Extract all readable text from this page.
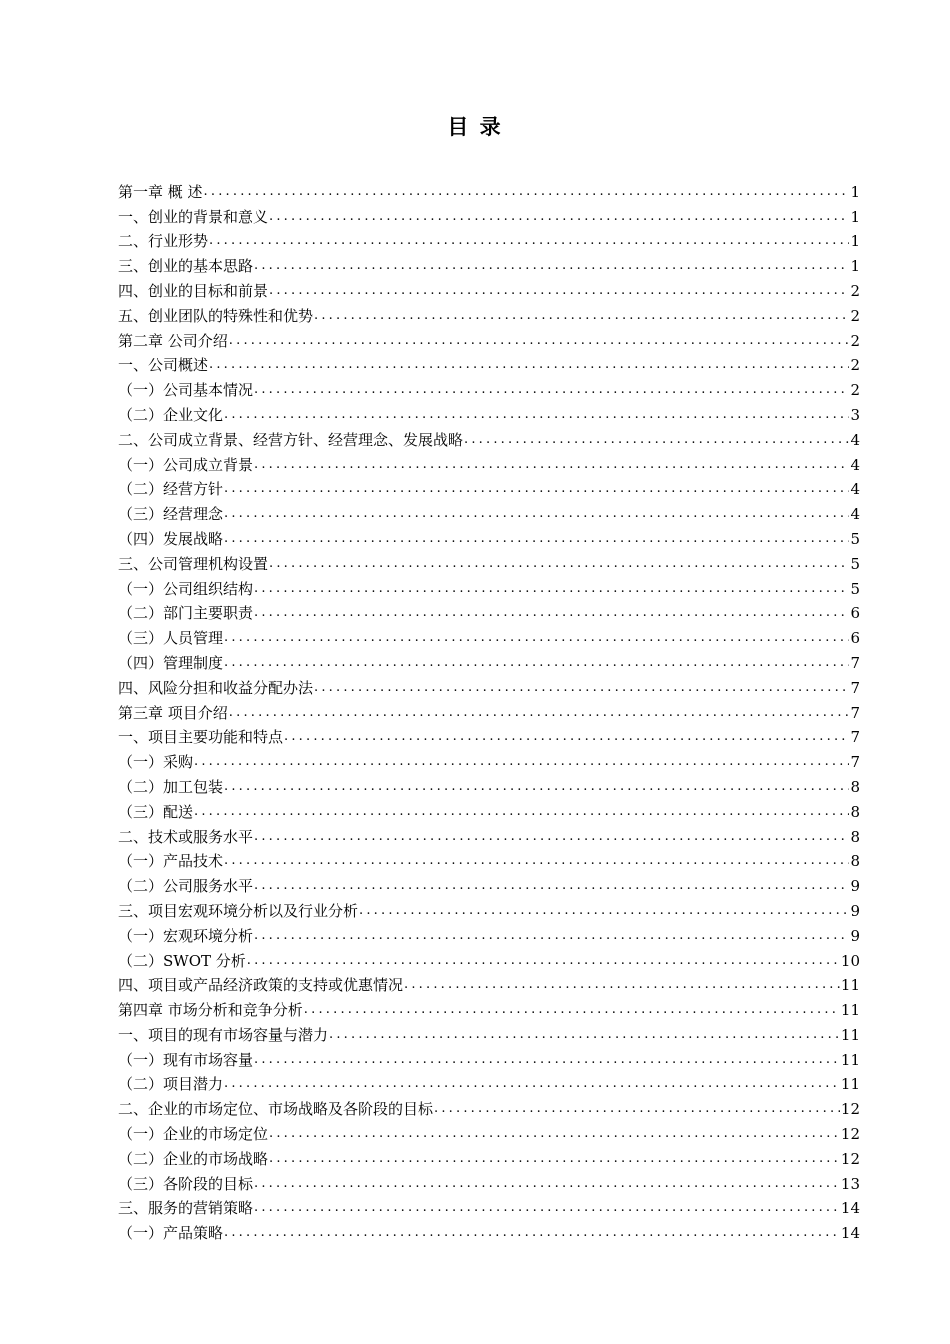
目 录
第一章 概 述 .....	1
一、创业的背景和意义 .....	1
二、行业形势 .....	1
三、创业的基本思路 .....	1
四、创业的目标和前景 .....	2
五、创业团队的特殊性和优势 .....	2
第二章 公司介绍 .....	2
一、公司概述 .....	2
（一）公司基本情况 .....	2
（二）企业文化 .....	3
二、公司成立背景、经营方针、经营理念、发展战略 .....	4
（一）公司成立背景 .....	4
（二）经营方针 .....	4
（三）经营理念 .....	4
（四）发展战略 .....	5
三、公司管理机构设置 .....	5
（一）公司组织结构 .....	5
（二）部门主要职责 .....	6
（三）人员管理 .....	6
（四）管理制度 .....	7
四、风险分担和收益分配办法 .....	7
第三章 项目介绍 .....	7
一、项目主要功能和特点 .....	7
（一）采购 .....	7
（二）加工包装 .....	8
（三）配送 .....	8
二、技术或服务水平 .....	8
（一）产品技术 .....	8
（二）公司服务水平 .....	9
三、项目宏观环境分析以及行业分析 .....	9
（一）宏观环境分析 .....	9
（二）SWOT 分析 .....	10
四、项目或产品经济政策的支持或优惠情况 .....	11
第四章 市场分析和竞争分析 .....	11
一、项目的现有市场容量与潜力 .....	11
（一）现有市场容量 .....	11
（二）项目潜力 .....	11
二、企业的市场定位、市场战略及各阶段的目标 .....	12
（一）企业的市场定位 .....	12
（二）企业的市场战略 .....	12
（三）各阶段的目标 .....	13
三、服务的营销策略 .....	14
（一）产品策略 .....	14
